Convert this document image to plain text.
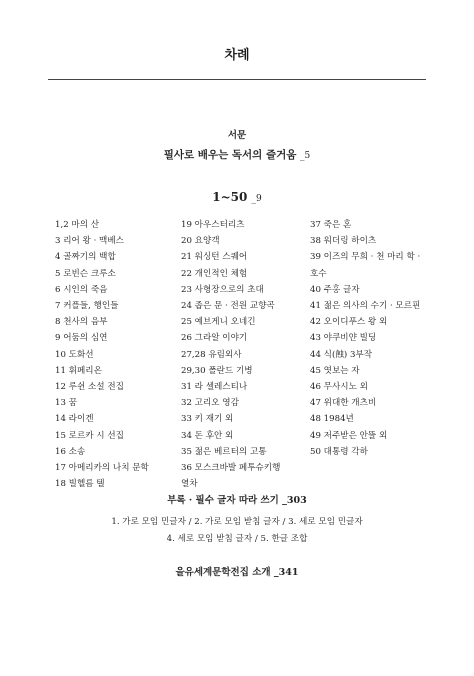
차례
서문
필사로 배우는 독서의 즐거움 _5
1~50 _9
1,2 마의 산
3 리어 왕 · 맥베스
4 골짜기의 백합
5 로빈슨 크루소
6 시인의 죽음
7 커플들, 행인들
8 천사의 음부
9 어둠의 심연
10 도화선
11 휘페리온
12 루쉰 소설 전집
13 꿈
14 라이겐
15 로르카 시 선집
16 소송
17 아메리카의 나치 문학
18 빌헬름 텔
19 아우스터리츠
20 요양객
21 워싱턴 스퀘어
22 개인적인 체험
23 사형장으로의 초대
24 좁은 문 · 전원 교향곡
25 예브게니 오네긴
26 그라알 이야기
27,28 유림외사
29,30 폴란드 기병
31 라 셀레스티나
32 고리오 영감
33 키 재기 외
34 돈 후안 외
35 젊은 베르터의 고통
36 모스크바발 페투슈키행
열차
37 죽은 혼
38 워더링 하이츠
39 이즈의 무희 · 천 마리 학 ·
호수
40 주홍 글자
41 젊은 의사의 수기 · 모르핀
42 오이디푸스 왕 외
43 야쿠비얀 빌딩
44 식(蝕) 3부작
45 엿보는 자
46 무사시노 외
47 위대한 개츠비
48 1984년
49 저주받은 안뜰 외
50 대통령 각하
부록 · 필수 글자 따라 쓰기 _303
1. 가로 모임 민글자 / 2. 가로 모임 받침 글자 / 3. 세로 모임 민글자
4. 세로 모임 받침 글자 / 5. 한글 조합
을유세계문학전집 소개 _341
